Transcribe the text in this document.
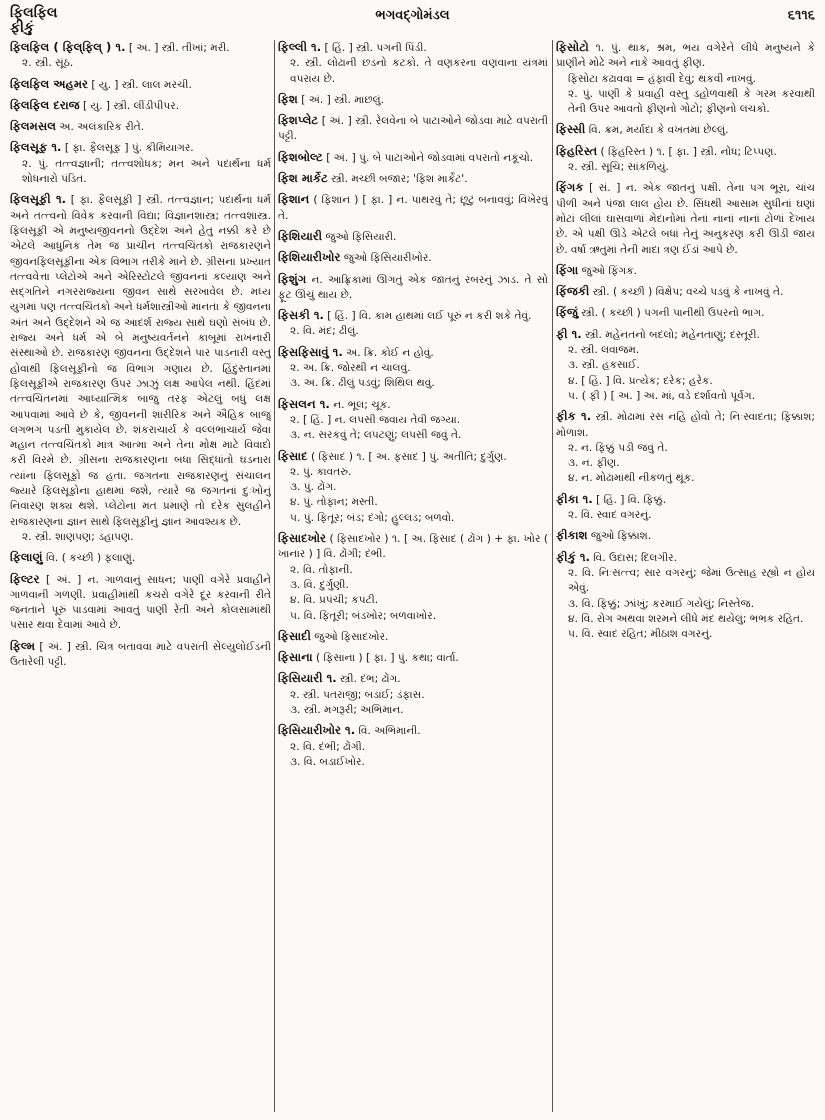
ફિલફિલ
ફીકું
ભગવદ્ગોમંડલ	૬૧૧૬
ફિલફિલ ( ફિલ્‌ફિલ્ ) ૧. [ અ. ] સ્ત્રી. તીખાં; મરી.
૨. સ્ત્રી. સૂંઠ.
ફિલફિલ અહમર [ યુ. ] સ્ત્રી. લાલ મરચી.
ફિલફિલ દરાજ [ યુ. ] સ્ત્રી. લીંડીપીપર.
ફિલમસલ અ. અલંકારિક રીતે.
ફિલસૂફ ૧. [ ફા. ફૈલસૂફ ] પું. કીમિયાગર.
૨. પું. તત્ત્વજ્ઞાની; તત્ત્વશોધક; મન અને પદાર્થના ધર્મ શોધનારો પંડિત.
ફિલસૂફી ૧. [ ફા. ફૈલસૂફી ] સ્ત્રી. તત્ત્વજ્ઞાન; પદાર્થના ધર્મ અને તત્ત્વનો વિવેક કરવાની વિદ્યા; વિજ્ઞાનશાસ્ત્ર; તત્ત્વશાસ્ત્ર. ફિલસૂફી એ મનુષ્યજીવનનો ઉદ્દેશ અને હેતુ નક્કી કરે છે એટલે આધુનિક તેમ જ પ્રાચીન તત્ત્વચિંતકો રાજકારણને જીવનફિલસૂફીના એક વિભાગ તરીકે માને છે. ગ્રીસના પ્રખ્યાત તત્ત્વવેત્તા પ્લેટોએ અને એરિસ્ટોટલે જીવનનાં કલ્યાણ અને સદ્ગતિને નગરરાજ્યના જીવન સાથે સરખાવેલ છે. મધ્ય યુગમાં પણ તત્ત્વચિંતકો અને ધર્મશાસ્ત્રીઓ માનતા કે જીવનના અંત અને ઉદ્દેશને એ જ આદર્શ રાજ્ય સાથે ઘણો સંબંધ છે. રાજ્ય અને ધર્મ એ બે મનુષ્યવર્તનને કાબૂમાં રાખનારી સંસ્થાઓ છે. રાજકારણ જીવનના ઉદ્દેશને પાર પાડનારી વસ્તુ હોવાથી ફિલસૂફીનો જ વિભાગ ગણાય છે. હિંદુસ્તાનમાં ફિલસૂફીએ રાજકારણ ઉપર ઝાઝું લક્ષ આપેલ નથી. હિંદમાં તત્ત્વચિંતનમાં આધ્યાત્મિક બાજુ તરફ એટલું બધું લક્ષ આપવામાં આવે છે કે, જીવનની શારીરિક અને ઐહિક બાજુ લગભગ પડતી મુકાયેલ છે. શંકરાચાર્ય કે વલ્લભાચાર્ય જેવા મહાન તત્ત્વચિંતકો માત્ર આત્મા અને તેના મોક્ષ માટે વિવાદો કરી વિરમે છે. ગ્રીસના રાજકારણના બધા સિદ્ધાંતો ઘડનારા ત્યાંના ફિલસૂફો જ હતા. જગતના રાજકારણનું સંચાલન જ્યારે ફિલસૂફોના હાથમાં જશે, ત્યારે જ જગતનાં દુઃખોનું નિવારણ શક્ય થશે. પ્લેટોના મત પ્રમાણે તો દરેક સુલહીને રાજકારણના જ્ઞાન સાથે ફિલસૂફીનું જ્ઞાન આવશ્યક છે.
૨. સ્ત્રી. શાણપણ; ડહાપણ.
ફિલાણું વિ. ( કચ્છી ) ફલાણું.
ફિલ્ટર [ અં. ] ન. ગાળવાનું સાધન; પાણી વગેરે પ્રવાહીને ગાળવાની ગળણી. પ્રવાહીમાંથી કચરો વગેરે દૂર કરવાની રીતે જનતાને પૂરું પાડવામાં આવતું પાણી રેતી અને કોલસામાંથી પસાર થવા દેવામાં આવે છે.
ફિલ્મ [ અં. ] સ્ત્રી. ચિત્ર બતાવવા માટે વપરાતી સેલ્યુલોઈડની ઉતારેલી પટ્ટી.
ફિલ્લી ૧. [ હિં. ] સ્ત્રી. પગની પિંડી.
૨. સ્ત્રી. લોઢાની છડનો કટકો. તે વણકરના વણવાના યંત્રમાં વપરાય છે.
ફિશ [ અં. ] સ્ત્રી. માછલું.
ફિશપ્લેટ [ અં. ] સ્ત્રી. રેલવેના બે પાટાઓને જોડવા માટે વપરાતી પટ્ટી.
ફિશબોલ્ટ [ અં. ] પું. બે પાટાઓને જોડવામાં વપરાતો નકૂચો.
ફિશ માર્કેટ સ્ત્રી. મચ્છી બજાર; 'ફિશ માર્કેટ'.
ફિશાન ( ફિશાન ) [ ફા. ] ન. પાથરવું તે; છૂટું બનાવવું; વિખેરવું તે.
ફિશિયારી જુઓ ફિસિયારી.
ફિશિયારીખોર જુઓ ફિસિયારીખોર.
ફિશુંગ ન. આફ્રિકામાં ઊગતું એક જાતનું રબરનું ઝાડ. તે સો ફૂટ ઊંચું થાય છે.
ફિસકી ૧. [ હિં. ] વિ. કામ હાથમાં લઈ પૂરું ન કરી શકે તેવું.
૨. વિ. મંદ; ઢીલું.
ફિસફિસાવું ૧. અ. ક્રિ. કોઈ ન હોવું.
૨. અ. ક્રિ. જોરથી ન ચાલવું.
૩. અ. ક્રિ. ઢીલું પડવું; શિથિલ થવું.
ફિસલન ૧. ન. ભૂલ; ચૂક.
૨. [ હિં. ] ન. લપસી જવાય તેવી જગ્યા.
૩. ન. સરકવું તે; લપટણું; લપસી જવું તે.
ફિસાદ ( ફિસાદ ) ૧. [ અ. ફસાદ ] પું. અતીતિ; દુર્ગુણ.
૨. પું. કાવતરું.
૩. પું. ઢોંગ.
૪. પું. તોફાન; મસ્તી.
૫. પું. ફિતૂર; બંડ; દંગો; હુલ્લડ; બળવો.
ફિસાદખોર ( ફિસાદખોર ) ૧. [ અ. ફિસાદ ( ઢોંગ ) + ફા. ખોર ( ખાનાર ) ] વિ. ઢોંગી; દંભી.
૨. વિ. તોફાની.
૩. વિ. દુર્ગુણી.
૪. વિ. પ્રપંચી; કપટી.
૫. વિ. ફિતૂરી; બંડખોર; બળવાખોર.
ફિસાદી જુઓ ફિસાદખોર.
ફિસાના ( ફિસાના ) [ ફા. ] પું. કથા; વાર્તા.
ફિસિયારી ૧. સ્ત્રી. દંભ; ઢોંગ.
૨. સ્ત્રી. પતરાજી; બડાઈ; ડંફાસ.
૩. સ્ત્રી. મગરૂરી; અભિમાન.
ફિસિયારીખોર ૧. વિ. અભિમાની.
૨. વિ. દંભી; ઢોંગી.
૩. વિ. બડાઈખોર.
ફિસોટો ૧. પું. થાક, શ્રમ, ભય વગેરેને લીધે મનુષ્યને કે પ્રાણીને મોઢે અને નાકે આવતું ફીણ.
ફિસોટા કઢાવવા = હંફાવી દેવું; થકવી નાખવું.
૨. પું. પાણી કે પ્રવાહી વસ્તુ ડહોળવાથી કે ગરમ કરવાથી તેની ઉપર આવતો ફીણનો ગોટો; ફીણનો લચકો.
ફિસ્સી વિ. ક્રમ, મર્યાદા કે વખતમાં છેલ્લું.
ફિહરિસ્ત ( ફિહરિસ્ત ) ૧. [ ફા. ] સ્ત્રી. નોંધ; ટિપ્પણ.
૨. સ્ત્રી. સૂચિ; સાંકળિયું.
ફિંગક [ સં. ] ન. એક જાતનું પક્ષી. તેના પગ ભૂરા, ચાંચ પીળી અને પંજા લાલ હોય છે. સિંધથી આસામ સુધીનાં ઘણાં મોટાં લીલાં ઘાસવાળાં મેદાનોમાં તેનાં નાનાં નાનાં ટોળાં દેખાય છે. એ પક્ષી ઊડે એટલે બધાં તેનું અનુકરણ કરી ઊડી જાય છે. વર્ષા ઋતુમાં તેની માદા ત્રણ ઈંડાં આપે છે.
ફિંગા જુઓ ફિંગક.
ફિંજકી સ્ત્રી. ( કચ્છી ) વિક્ષેપ; વચ્ચે પડવું કે નાખવું તે.
ફિંજું સ્ત્રી. ( કચ્છી ) પગની પાનીથી ઉપરનો ભાગ.
ફી ૧. સ્ત્રી. મહેનતનો બદલો; મહેનતાણું; દસ્તૂરી.
૨. સ્ત્રી. લવાજમ.
૩. સ્ત્રી. હકસાઈ.
૪. [ હિં. ] વિ. પ્રત્યેક; દરેક; હરેક.
૫. ( ફી ) [ અ. ] અ. માં, વડે દર્શાવતો પૂર્વગ.
ફીક ૧. સ્ત્રી. મોઢામાં રસ નહિ હોવો તે; નિઃસ્વાદતા; ફિક્કાશ; મોળાશ.
૨. ન. ફિક્કું પડી જવું તે.
૩. ન. ફીણ.
૪. ન. મોઢામાંથી નીકળતું થૂંક.
ફીકા ૧. [ હિં. ] વિ. ફિક્કું.
૨. વિ. સ્વાદ વગરનું.
ફીકાશ જુઓ ફિક્કાશ.
ફીકું ૧. વિ. ઉદાસ; દિલગીર.
૨. વિ. નિઃસત્ત્વ; સાર વગરનું; જેમાં ઉત્સાહ રહ્યો ન હોય એવું.
૩. વિ. ફિક્કું; ઝાંખું; કરમાઈ ગયેલું; નિસ્તેજ.
૪. વિ. રોગ અથવા શરમને લીધે મંદ થયેલું; ભભક રહિત.
૫. વિ. સ્વાદ રહિત; મીઠાશ વગરનું.
